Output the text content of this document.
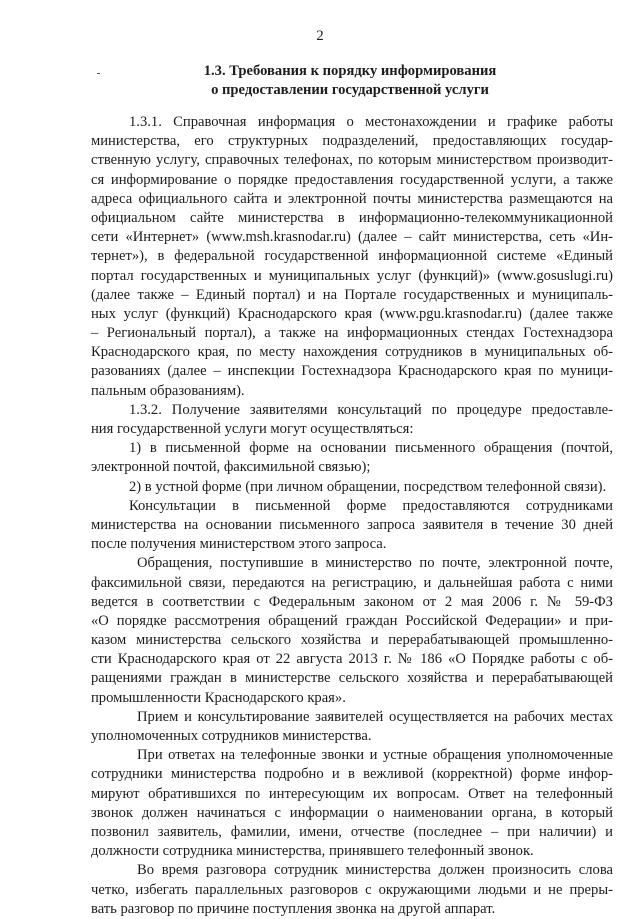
2
1.3. Требования к порядку информирования
о предоставлении государственной услуги
1.3.1. Справочная информация о местонахождении и графике работы
министерства, его структурных подразделений, предоставляющих государ-
ственную услугу, справочных телефонах, по которым министерством производит-
ся информирование о порядке предоставления государственной услуги, а также
адреса официального сайта и электронной почты министерства размещаются на
официальном сайте министерства в информационно-телекоммуникационной
сети «Интернет» (www.msh.krasnodar.ru) (далее – сайт министерства, сеть «Ин-
тернет»), в федеральной государственной информационной системе «Единый
портал государственных и муниципальных услуг (функций)» (www.gosuslugi.ru)
(далее также – Единый портал) и на Портале государственных и муниципаль-
ных услуг (функций) Краснодарского края (www.pgu.krasnodar.ru) (далее также
– Региональный портал), а также на информационных стендах Гостехнадзора
Краснодарского края, по месту нахождения сотрудников в муниципальных об-
разованиях (далее – инспекции Гостехнадзора Краснодарского края по муници-
пальным образованиям).
1.3.2. Получение заявителями консультаций по процедуре предоставле-
ния государственной услуги могут осуществляться:
1) в письменной форме на основании письменного обращения (почтой,
электронной почтой, факсимильной связью);
2) в устной форме (при личном обращении, посредством телефонной связи).
Консультации в письменной форме предоставляются сотрудниками
министерства на основании письменного запроса заявителя в течение 30 дней
после получения министерством этого запроса.
Обращения, поступившие в министерство по почте, электронной почте,
факсимильной связи, передаются на регистрацию, и дальнейшая работа с ними
ведется в соответствии с Федеральным законом от 2 мая 2006 г. № 59-ФЗ
«О порядке рассмотрения обращений граждан Российской Федерации» и при-
казом министерства сельского хозяйства и перерабатывающей промышленно-
сти Краснодарского края от 22 августа 2013 г. № 186 «О Порядке работы с об-
ращениями граждан в министерстве сельского хозяйства и перерабатывающей
промышленности Краснодарского края».
Прием и консультирование заявителей осуществляется на рабочих местах
уполномоченных сотрудников министерства.
При ответах на телефонные звонки и устные обращения уполномоченные
сотрудники министерства подробно и в вежливой (корректной) форме инфор-
мируют обратившихся по интересующим их вопросам. Ответ на телефонный
звонок должен начинаться с информации о наименовании органа, в который
позвонил заявитель, фамилии, имени, отчестве (последнее – при наличии) и
должности сотрудника министерства, принявшего телефонный звонок.
Во время разговора сотрудник министерства должен произносить слова
четко, избегать параллельных разговоров с окружающими людьми и не преры-
вать разговор по причине поступления звонка на другой аппарат.
